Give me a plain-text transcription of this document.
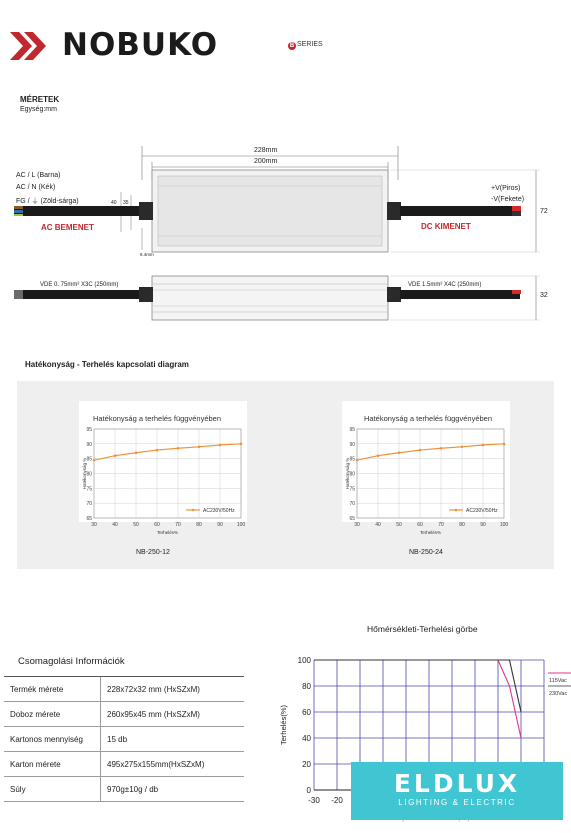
NOBUKO	B SERIES
MÉRETEK
Egység:mm
AC / L (Barna)
AC / N (Kék)
FG / ⏚ (Zöld-sárga)
AC BEMENET	DC KIMENET
+V(Piros)
-V(Fekete)
228mm
200mm
72
40 35
8.4mm
VDE 0. 75mm² X3C (250mm)	VDE 1.5mm² X4C (250mm)
32
Hatékonyság - Terhelés kapcsolati diagram
Hatékonyság a terhelés függvényében
65
70
75
80
85
90
95
30	40	50	60	70	80	90	100
AC230V/50Hz
Hatékonyság %
Terhelés%
NB-250-12
Hatékonyság a terhelés függvényében
65
70
75
80
85
90
95
30	40	50	60	70	80	90	100
AC230V/50Hz
Hatékonyság %
Terhelés%
NB-250-24
Csomagolási Információk
Termék mérete	228x72x32 mm (HxSZxM)
Doboz mérete	260x95x45 mm (HxSZxM)
Kartonos mennyiség	15 db
Karton mérete	495x275x155mm(HxSZxM)
Súly	970g±10g / db
Hőmérsékleti-Terhelési görbe
0
20
40
60
80
100
-30 -20
Terhelés(%)
115Vac
230Vac
ELDLUX
LIGHTING & ELECTRIC
